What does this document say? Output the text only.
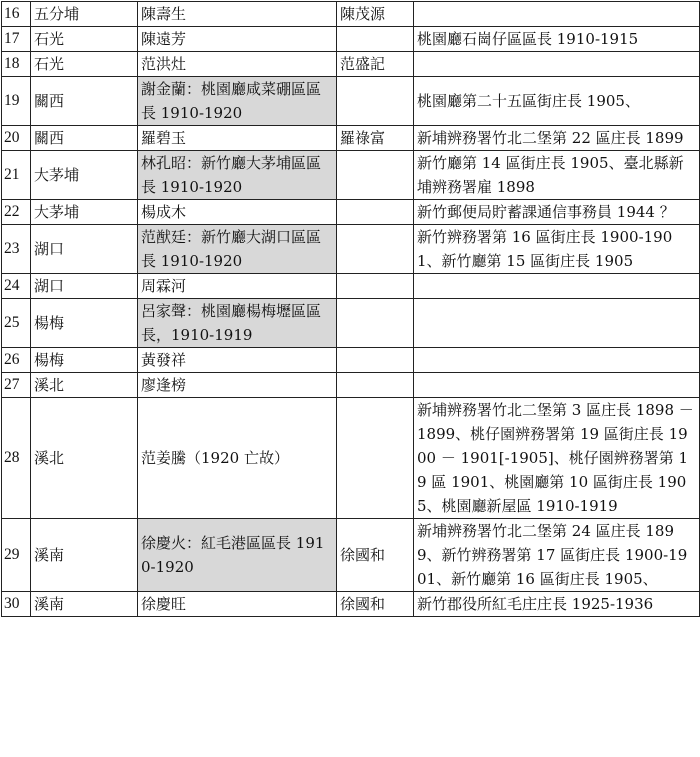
16	五分埔	陳壽生	陳茂源	
17	石光	陳遠芳		桃園廳石崗仔區區長 1910-1915
18	石光	范洪灶	范盛記	
19	關西	謝金蘭：桃園廳咸菜硼區區長 1910-1920		桃園廳第二十五區街庄長 1905、
20	關西	羅碧玉	羅祿富	新埔辨務署竹北二堡第 22 區庄長 1899
21	大茅埔	林孔昭：新竹廳大茅埔區區長 1910-1920		新竹廳第 14 區街庄長 1905、臺北縣新埔辨務署雇 1898
22	大茅埔	楊成木		新竹郵便局貯蓄課通信事務員 1944 ？
23	湖口	范猷廷：新竹廳大湖口區區長 1910-1920		新竹辨務署第 16 區街庄長 1900-1901、新竹廳第 15 區街庄長 1905
24	湖口	周霖河		
25	楊梅	呂家聲：桃園廳楊梅壢區區長，1910-1919		
26	楊梅	黃發祥		
27	溪北	廖逢榜		
28	溪北	范姜騰（1920 亡故）		新埔辨務署竹北二堡第 3 區庄長 1898 － 1899、桃仔園辨務署第 19 區街庄長 1900 － 1901[-1905]、桃仔園辨務署第 19 區 1901、桃園廳第 10 區街庄長 1905、桃園廳新屋區 1910-1919
29	溪南	徐慶火：紅毛港區區長 1910-1920	徐國和	新埔辨務署竹北二堡第 24 區庄長 1899、新竹辨務署第 17 區街庄長 1900-1901、新竹廳第 16 區街庄長 1905、
30	溪南	徐慶旺	徐國和	新竹郡役所紅毛庄庄長 1925-1936
